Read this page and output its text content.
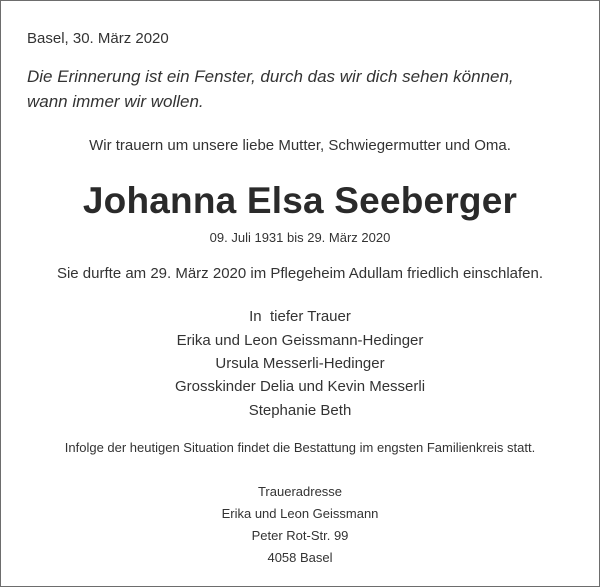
Basel, 30. März 2020

Die Erinnerung ist ein Fenster, durch das wir dich sehen können,

wann immer wir wollen.

Wir trauern um unsere liebe Mutter, Schwiegermutter und Oma.

Johanna Elsa Seeberger

09. Juli 1931 bis 29. März 2020

Sie durfte am 29. März 2020 im Pflegeheim Adullam friedlich einschlafen.

In  tiefer Trauer

Erika und Leon Geissmann-Hedinger

Ursula Messerli-Hedinger

Grosskinder Delia und Kevin Messerli

Stephanie Beth

Infolge der heutigen Situation findet die Bestattung im engsten Familienkreis statt.

Traueradresse

Erika und Leon Geissmann

Peter Rot-Str. 99

4058 Basel
